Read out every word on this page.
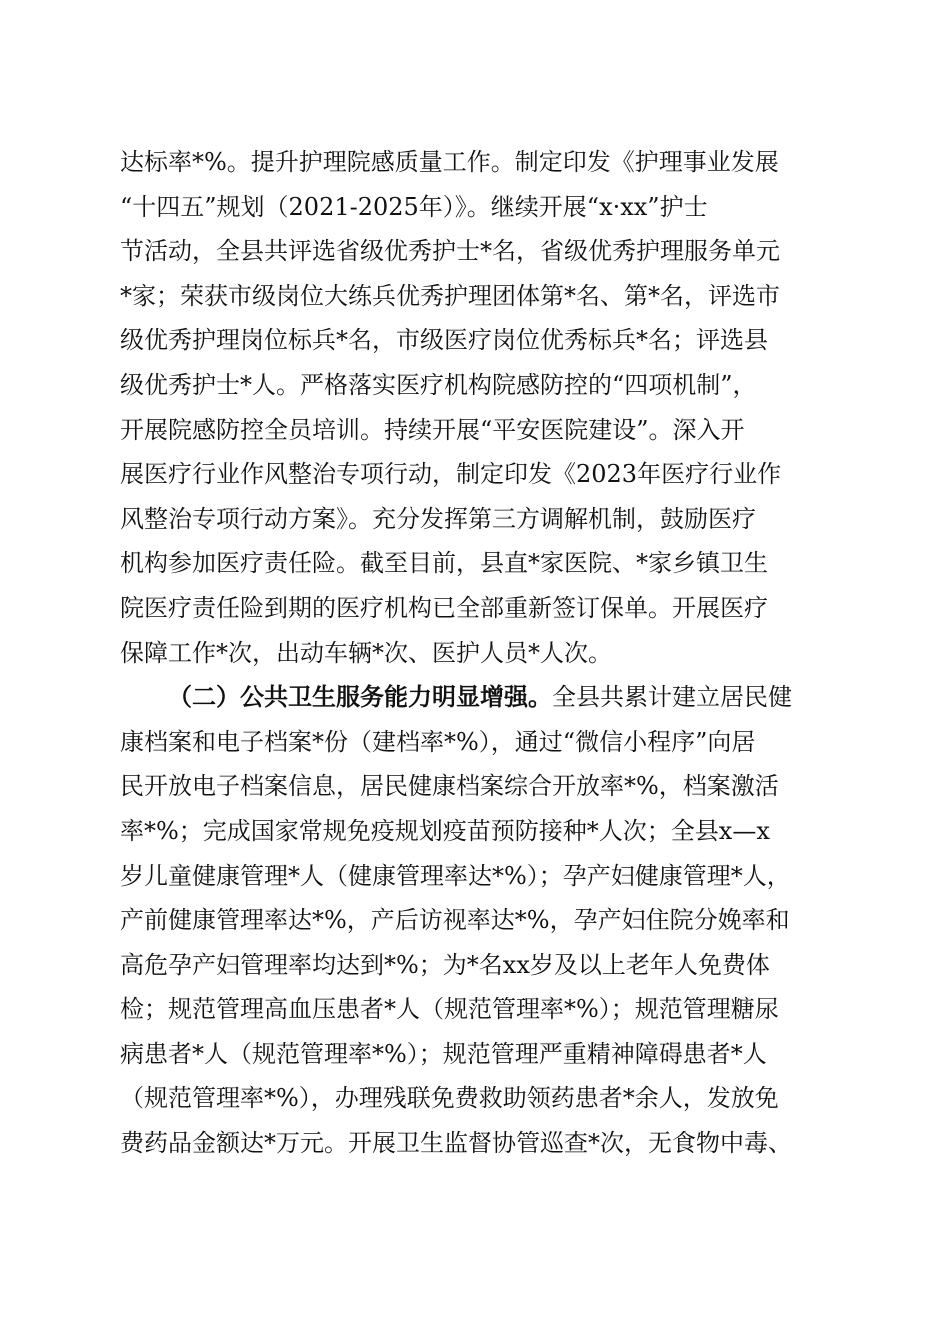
达标率*%。提升护理院感质量工作。制定印发《护理事业发展
“十四五”规划（2021-2025年）》。继续开展“x·xx”护士
节活动，全县共评选省级优秀护士*名，省级优秀护理服务单元
*家；荣获市级岗位大练兵优秀护理团体第*名、第*名，评选市
级优秀护理岗位标兵*名，市级医疗岗位优秀标兵*名；评选县
级优秀护士*人。严格落实医疗机构院感防控的“四项机制”，
开展院感防控全员培训。持续开展“平安医院建设”。深入开
展医疗行业作风整治专项行动，制定印发《2023年医疗行业作
风整治专项行动方案》。充分发挥第三方调解机制，鼓励医疗
机构参加医疗责任险。截至目前，县直*家医院、*家乡镇卫生
院医疗责任险到期的医疗机构已全部重新签订保单。开展医疗
保障工作*次，出动车辆*次、医护人员*人次。
（二）公共卫生服务能力明显增强。全县共累计建立居民健
康档案和电子档案*份（建档率*%），通过“微信小程序”向居
民开放电子档案信息，居民健康档案综合开放率*%，档案激活
率*%；完成国家常规免疫规划疫苗预防接种*人次；全县x—x
岁儿童健康管理*人（健康管理率达*%）；孕产妇健康管理*人，
产前健康管理率达*%，产后访视率达*%，孕产妇住院分娩率和
高危孕产妇管理率均达到*%；为*名xx岁及以上老年人免费体
检；规范管理高血压患者*人（规范管理率*%）；规范管理糖尿
病患者*人（规范管理率*%）；规范管理严重精神障碍患者*人
（规范管理率*%），办理残联免费救助领药患者*余人，发放免
费药品金额达*万元。开展卫生监督协管巡查*次，无食物中毒、
